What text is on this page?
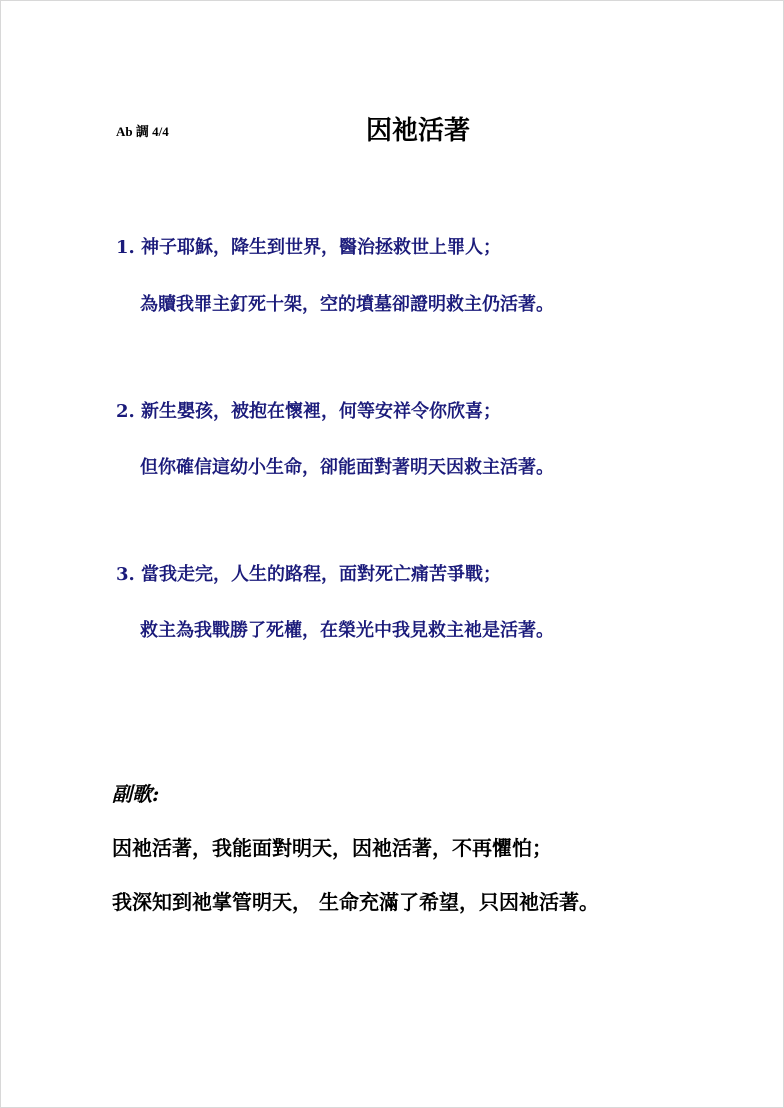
Ab 調 4/4	因祂活著
1. 神子耶穌，降生到世界，醫治拯救世上罪人；
為贖我罪主釘死十架，空的墳墓卻證明救主仍活著。
2. 新生嬰孩，被抱在懷裡，何等安祥令你欣喜；
但你確信這幼小生命，卻能面對著明天因救主活著。
3. 當我走完，人生的路程，面對死亡痛苦爭戰；
救主為我戰勝了死權，在榮光中我見救主祂是活著。
副歌:
因祂活著，我能面對明天，因祂活著，不再懼怕；
我深知到祂掌管明天， 生命充滿了希望，只因祂活著。
